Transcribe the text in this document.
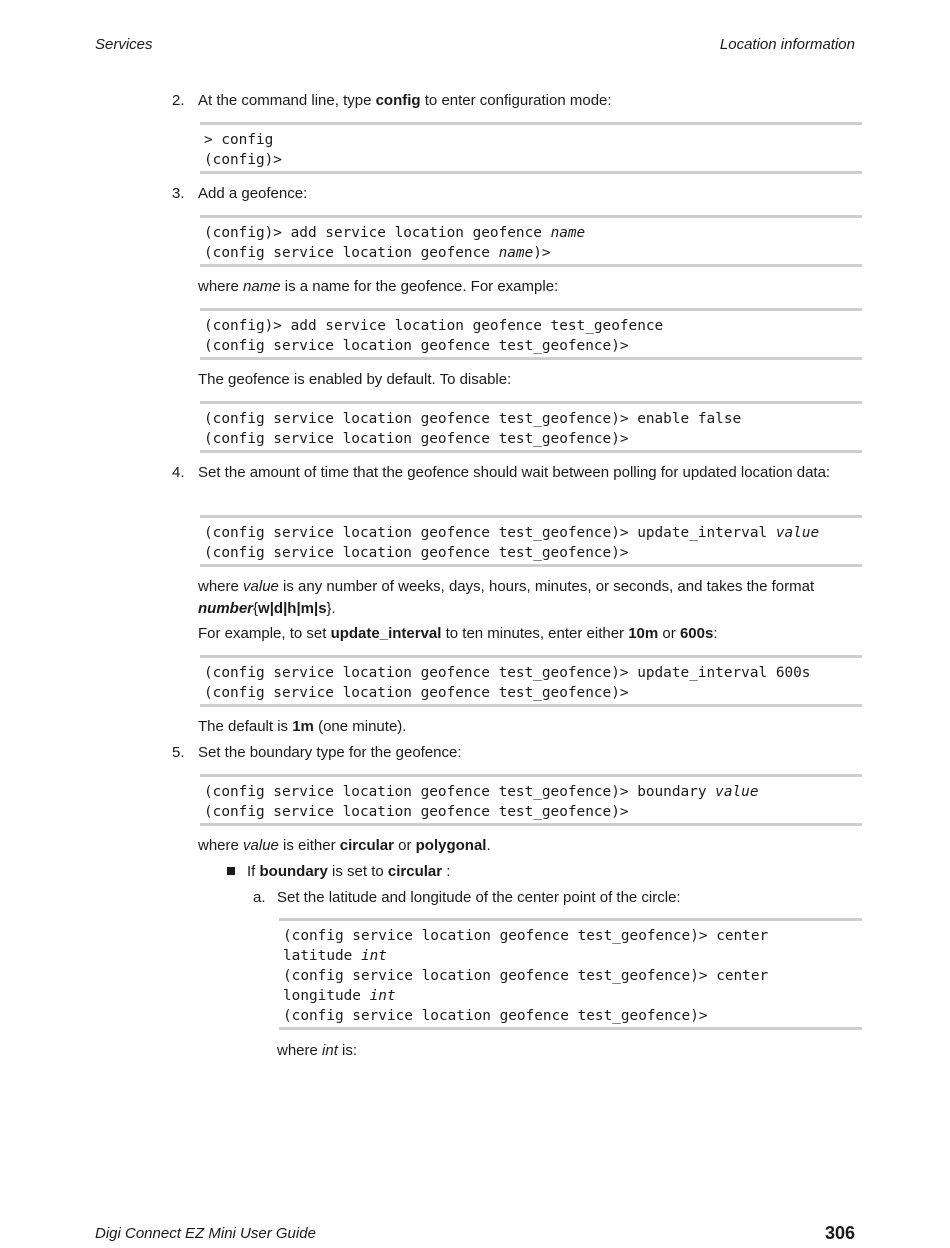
Services	Location information
2. At the command line, type config to enter configuration mode:
> config
(config)>
3. Add a geofence:
(config)> add service location geofence name
(config service location geofence name)>
where name is a name for the geofence. For example:
(config)> add service location geofence test_geofence
(config service location geofence test_geofence)>
The geofence is enabled by default. To disable:
(config service location geofence test_geofence)> enable false
(config service location geofence test_geofence)>
4. Set the amount of time that the geofence should wait between polling for updated location data:
(config service location geofence test_geofence)> update_interval value
(config service location geofence test_geofence)>
where value is any number of weeks, days, hours, minutes, or seconds, and takes the format
number{w|d|h|m|s}.
For example, to set update_interval to ten minutes, enter either 10m or 600s:
(config service location geofence test_geofence)> update_interval 600s
(config service location geofence test_geofence)>
The default is 1m (one minute).
5. Set the boundary type for the geofence:
(config service location geofence test_geofence)> boundary value
(config service location geofence test_geofence)>
where value is either circular or polygonal.
If boundary is set to circular :
a. Set the latitude and longitude of the center point of the circle:
(config service location geofence test_geofence)> center
latitude int
(config service location geofence test_geofence)> center
longitude int
(config service location geofence test_geofence)>
where int is:
Digi Connect EZ Mini User Guide	306
